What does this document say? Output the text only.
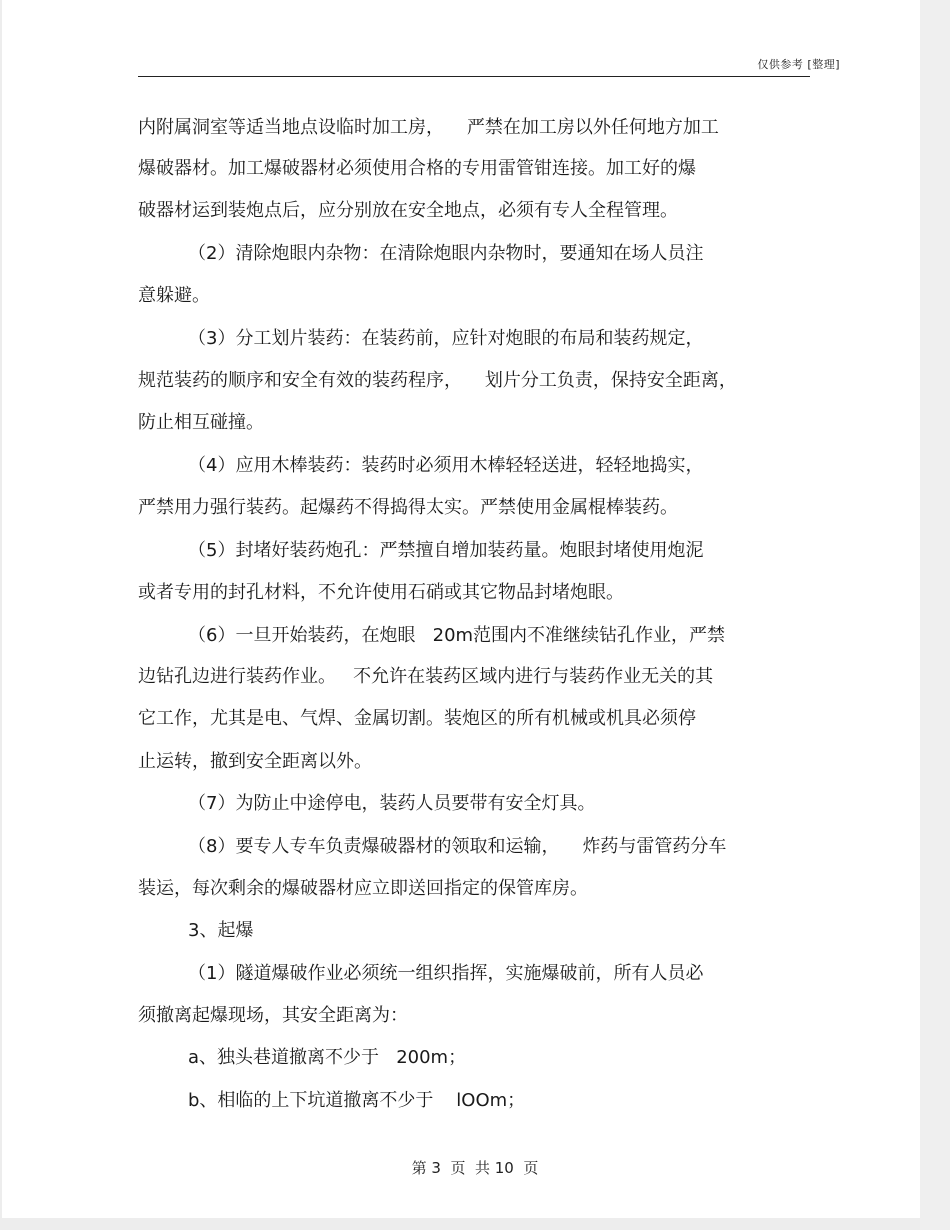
仅供参考 [整理]
内附属洞室等适当地点设临时加工房，    严禁在加工房以外任何地方加工
爆破器材。加工爆破器材必须使用合格的专用雷管钳连接。加工好的爆
破器材运到装炮点后，应分别放在安全地点，必须有专人全程管理。
（2）清除炮眼内杂物：在清除炮眼内杂物时，要通知在场人员注
意躲避。
（3）分工划片装药：在装药前，应针对炮眼的布局和装药规定，
规范装药的顺序和安全有效的装药程序，    划片分工负责，保持安全距离，
防止相互碰撞。
（4）应用木棒装药：装药时必须用木棒轻轻送进，轻轻地捣实，
严禁用力强行装药。起爆药不得捣得太实。严禁使用金属棍棒装药。
（5）封堵好装药炮孔：严禁擅自增加装药量。炮眼封堵使用炮泥
或者专用的封孔材料，不允许使用石硝或其它物品封堵炮眼。
（6）一旦开始装药，在炮眼   20m范围内不准继续钻孔作业，严禁
边钻孔边进行装药作业。   不允许在装药区域内进行与装药作业无关的其
它工作，尤其是电、气焊、金属切割。装炮区的所有机械或机具必须停
止运转，撤到安全距离以外。
（7）为防止中途停电，装药人员要带有安全灯具。
（8）要专人专车负责爆破器材的领取和运输，    炸药与雷管药分车
装运，每次剩余的爆破器材应立即送回指定的保管库房。
3、起爆
（1）隧道爆破作业必须统一组织指挥，实施爆破前，所有人员必
须撤离起爆现场，其安全距离为：
a、独头巷道撤离不少于   200m；
b、相临的上下坑道撤离不少于    lOOm；
第 3  页  共 10  页
